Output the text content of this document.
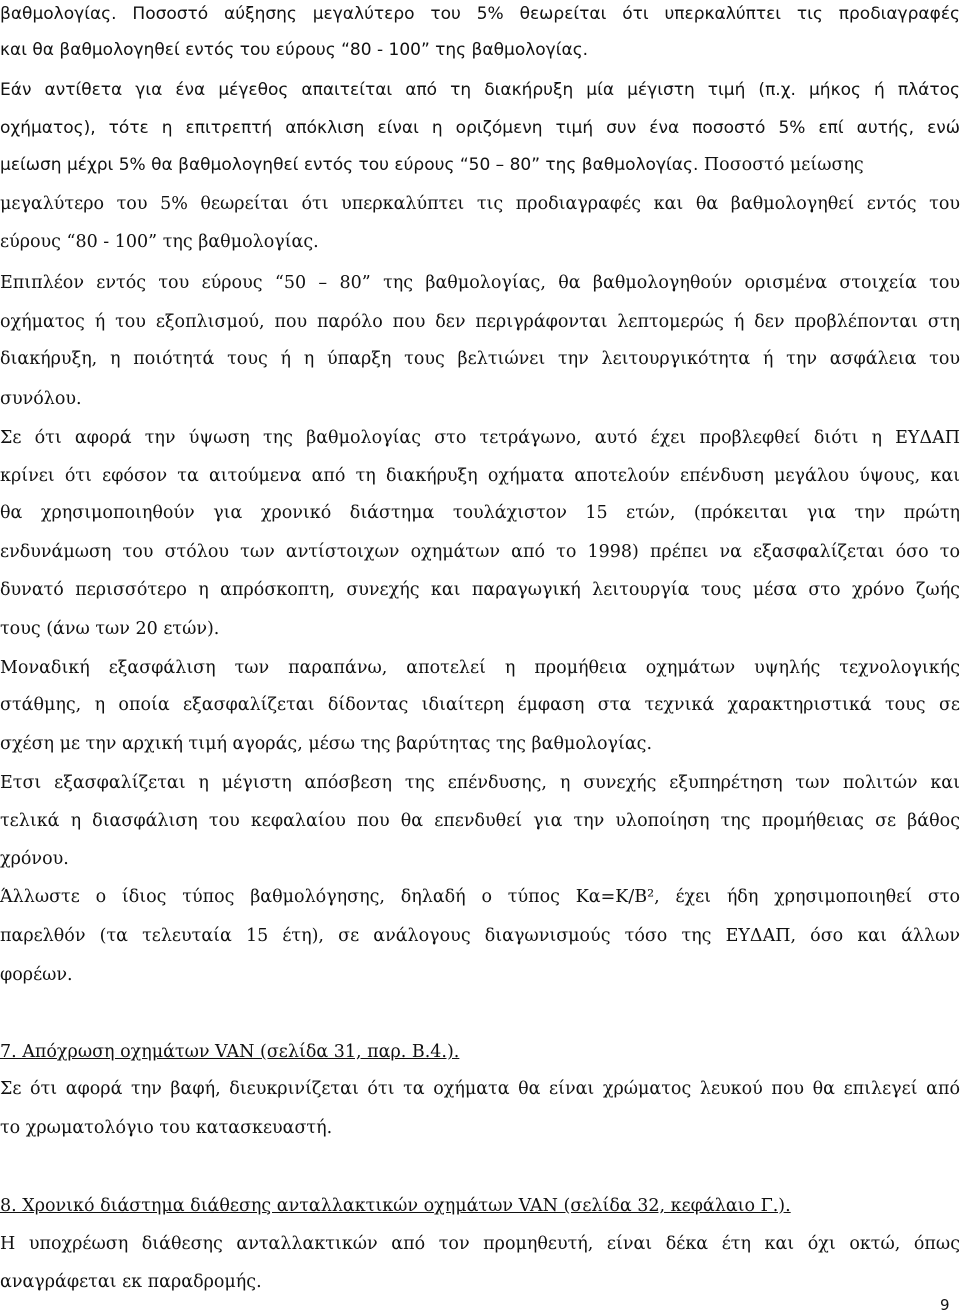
βαθμολογίας. Ποσοστό αύξησης μεγαλύτερο του 5% θεωρείται ότι υπερκαλύπτει τις προδιαγραφές
και θα βαθμολογηθεί εντός του εύρους “80 - 100” της βαθμολογίας.
Εάν αντίθετα για ένα μέγεθος απαιτείται από τη διακήρυξη μία μέγιστη τιμή (π.χ. μήκος ή πλάτος
οχήματος), τότε η επιτρεπτή απόκλιση είναι η οριζόμενη τιμή συν ένα ποσοστό 5% επί αυτής, ενώ
μείωση μέχρι 5% θα βαθμολογηθεί εντός του εύρους “50 – 80” της βαθμολογίας. Ποσοστό μείωσης
μεγαλύτερο του 5% θεωρείται ότι υπερκαλύπτει τις προδιαγραφές και θα βαθμολογηθεί εντός του
εύρους “80 - 100” της βαθμολογίας.
Επιπλέον εντός του εύρους “50 – 80” της βαθμολογίας, θα βαθμολογηθούν ορισμένα στοιχεία του
οχήματος ή του εξοπλισμού, που παρόλο που δεν περιγράφονται λεπτομερώς ή δεν προβλέπονται στη
διακήρυξη, η ποιότητά τους ή η ύπαρξη τους βελτιώνει την λειτουργικότητα ή την ασφάλεια του
συνόλου.
Σε ότι αφορά την ύψωση της βαθμολογίας στο τετράγωνο, αυτό έχει προβλεφθεί διότι η ΕΥΔΑΠ
κρίνει ότι εφόσον τα αιτούμενα από τη διακήρυξη οχήματα αποτελούν επένδυση μεγάλου ύψους, και
θα χρησιμοποιηθούν για χρονικό διάστημα τουλάχιστον 15 ετών, (πρόκειται για την πρώτη
ενδυνάμωση του στόλου των αντίστοιχων οχημάτων από το 1998) πρέπει να εξασφαλίζεται όσο το
δυνατό περισσότερο η απρόσκοπτη, συνεχής και παραγωγική λειτουργία τους μέσα στο χρόνο ζωής
τους (άνω των 20 ετών).
Μοναδική εξασφάλιση των παραπάνω, αποτελεί η προμήθεια οχημάτων υψηλής τεχνολογικής
στάθμης, η οποία εξασφαλίζεται δίδοντας ιδιαίτερη έμφαση στα τεχνικά χαρακτηριστικά τους σε
σχέση με την αρχική τιμή αγοράς, μέσω της βαρύτητας της βαθμολογίας.
Ετσι εξασφαλίζεται η μέγιστη απόσβεση της επένδυσης, η συνεχής εξυπηρέτηση των πολιτών και
τελικά η διασφάλιση του κεφαλαίου που θα επενδυθεί για την υλοποίηση της προμήθειας σε βάθος
χρόνου.
Άλλωστε ο ίδιος τύπος βαθμολόγησης, δηλαδή ο τύπος Κα=Κ/Β², έχει ήδη χρησιμοποιηθεί στο
παρελθόν (τα τελευταία 15 έτη), σε ανάλογους διαγωνισμούς τόσο της ΕΥΔΑΠ, όσο και άλλων
φορέων.
7. Απόχρωση οχημάτων VAN (σελίδα 31, παρ. Β.4.).
Σε ότι αφορά την βαφή, διευκρινίζεται ότι τα οχήματα θα είναι χρώματος λευκού που θα επιλεγεί από
το χρωματολόγιο του κατασκευαστή.
8. Χρονικό διάστημα διάθεσης ανταλλακτικών οχημάτων VAN (σελίδα 32, κεφάλαιο Γ.).
Η υποχρέωση διάθεσης ανταλλακτικών από τον προμηθευτή, είναι δέκα έτη και όχι οκτώ, όπως
αναγράφεται εκ παραδρομής.
9
